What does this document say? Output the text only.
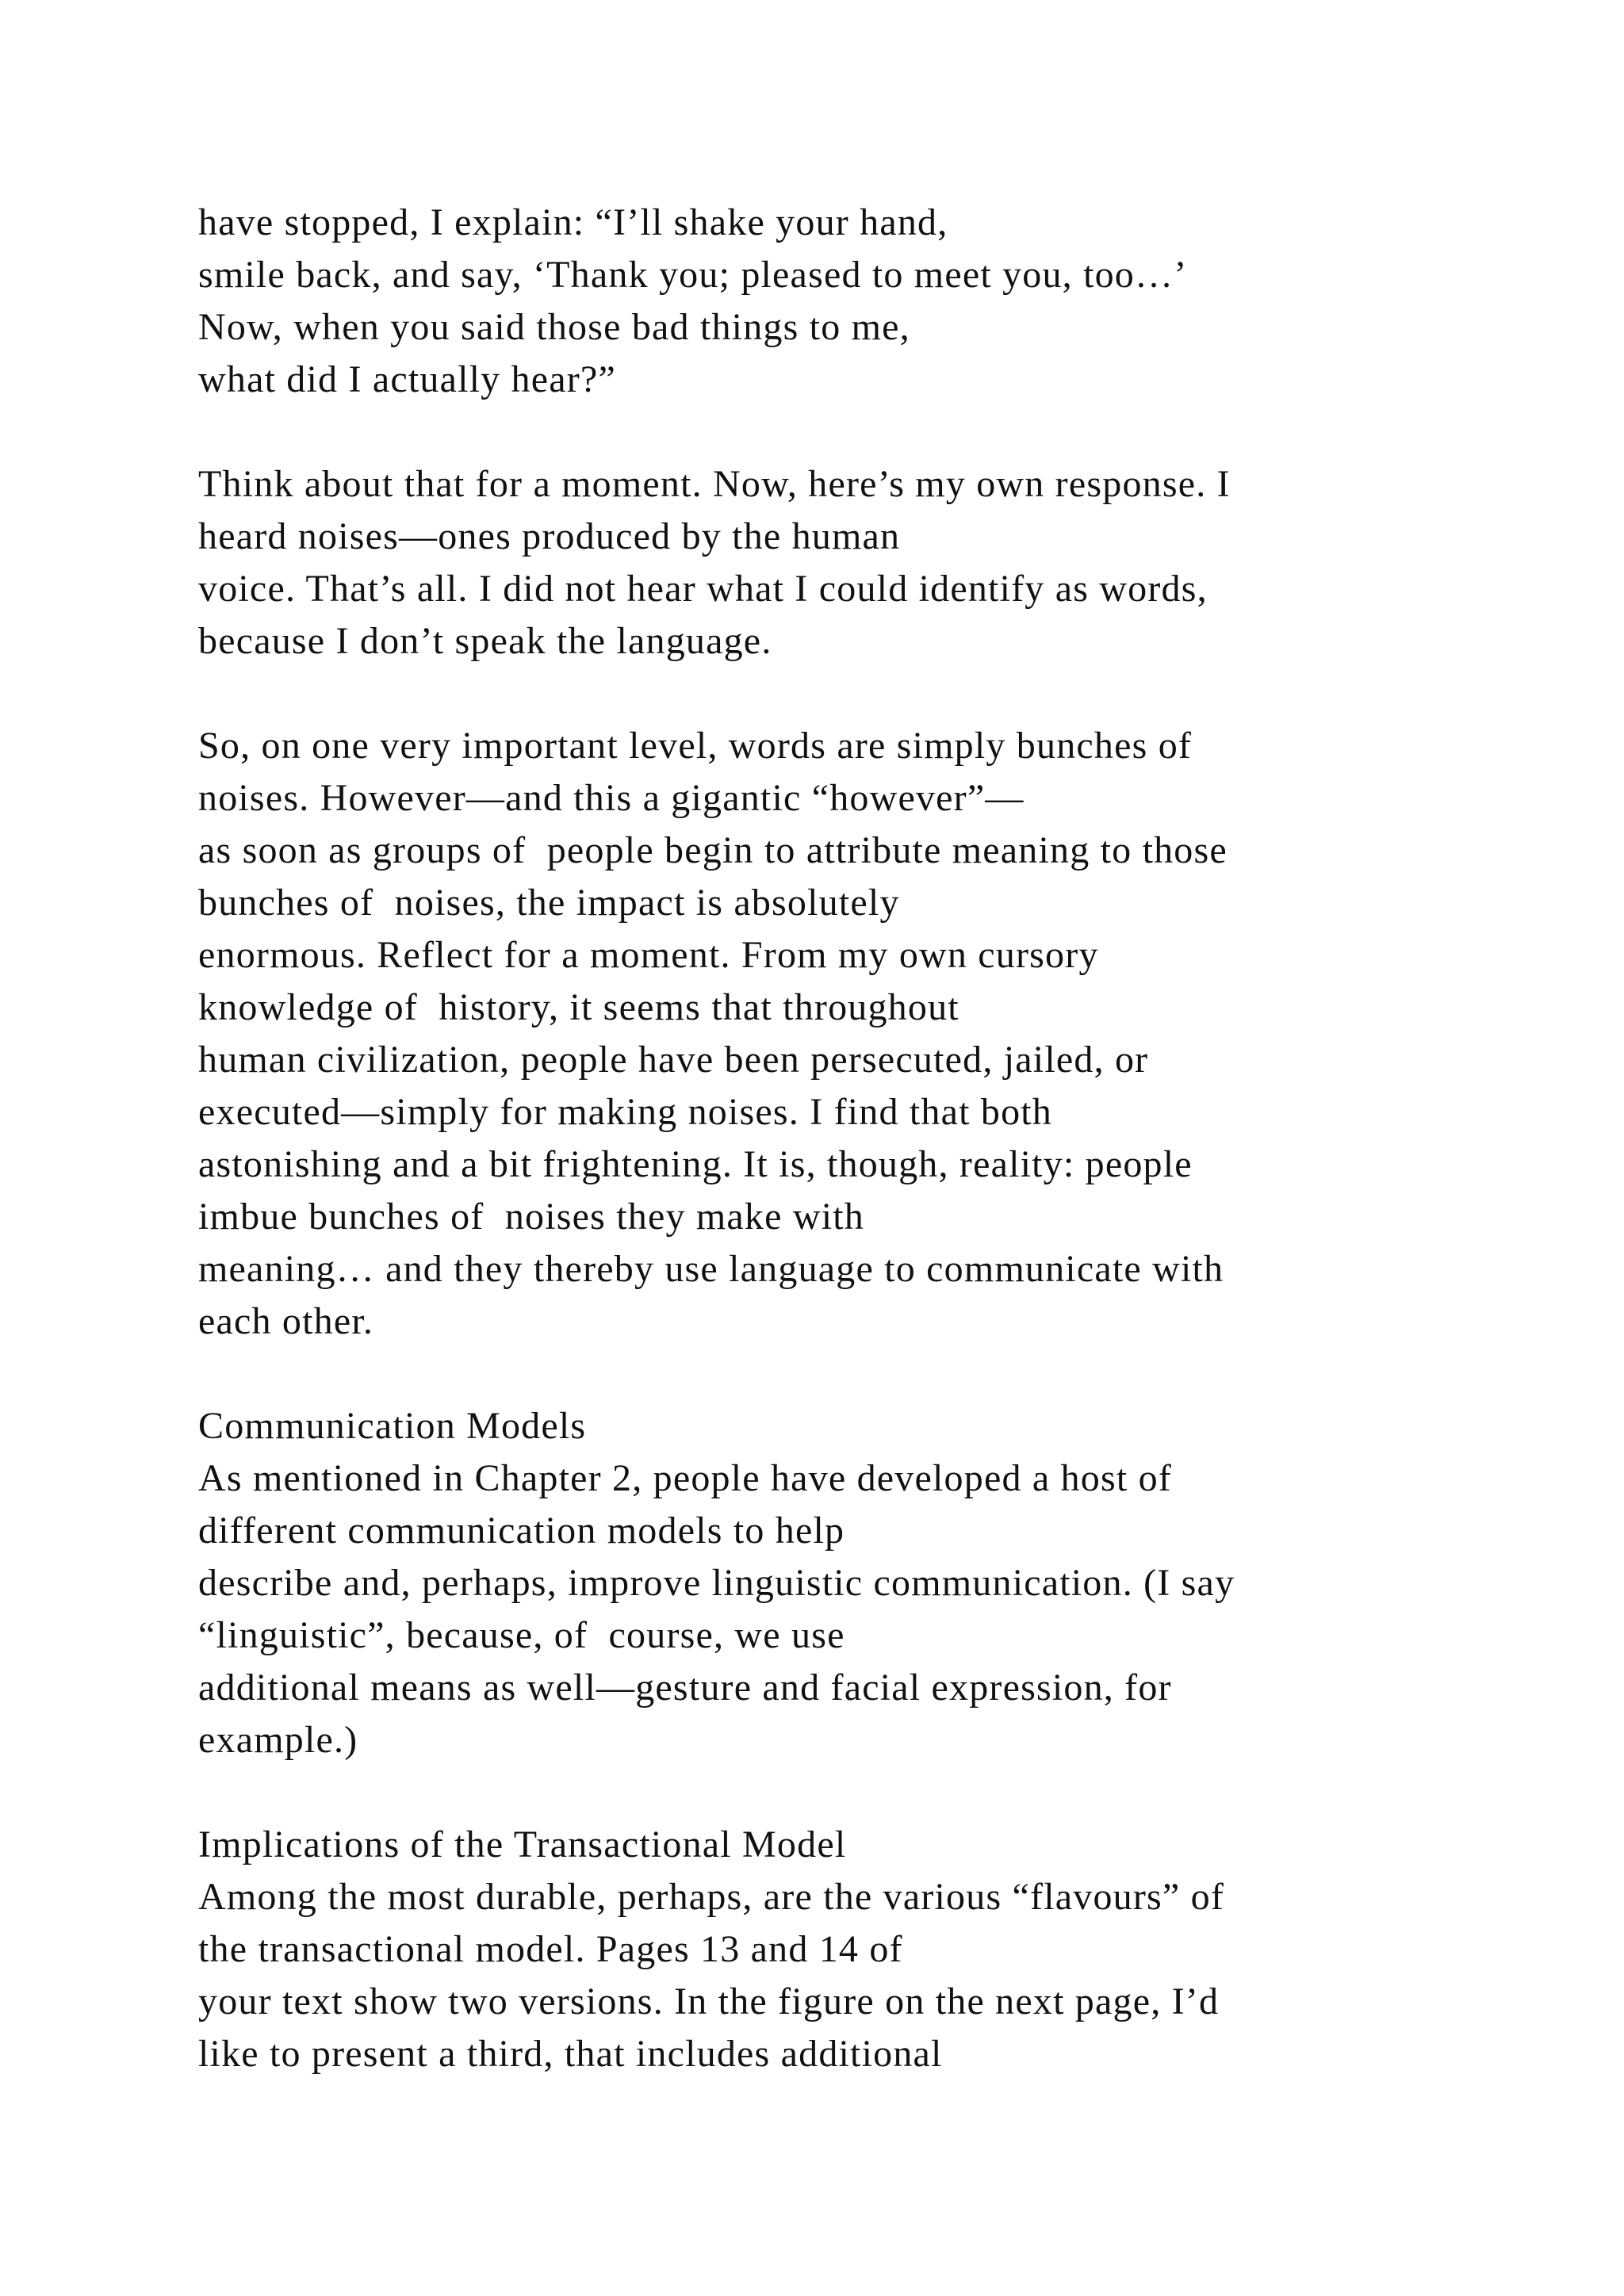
have stopped, I explain: “I’ll shake your hand,
smile back, and say, ‘Thank you; pleased to meet you, too…’
Now, when you said those bad things to me,
what did I actually hear?”

Think about that for a moment. Now, here’s my own response. I
heard noises—ones produced by the human
voice. That’s all. I did not hear what I could identify as words,
because I don’t speak the language.

So, on one very important level, words are simply bunches of
noises. However—and this a gigantic “however”—
as soon as groups of  people begin to attribute meaning to those
bunches of  noises, the impact is absolutely
enormous. Reflect for a moment. From my own cursory
knowledge of  history, it seems that throughout
human civilization, people have been persecuted, jailed, or
executed—simply for making noises. I find that both
astonishing and a bit frightening. It is, though, reality: people
imbue bunches of  noises they make with
meaning… and they thereby use language to communicate with
each other.

Communication Models
As mentioned in Chapter 2, people have developed a host of
different communication models to help
describe and, perhaps, improve linguistic communication. (I say
“linguistic”, because, of  course, we use
additional means as well—gesture and facial expression, for
example.)

Implications of the Transactional Model
Among the most durable, perhaps, are the various “flavours” of
the transactional model. Pages 13 and 14 of
your text show two versions. In the figure on the next page, I’d
like to present a third, that includes additional
